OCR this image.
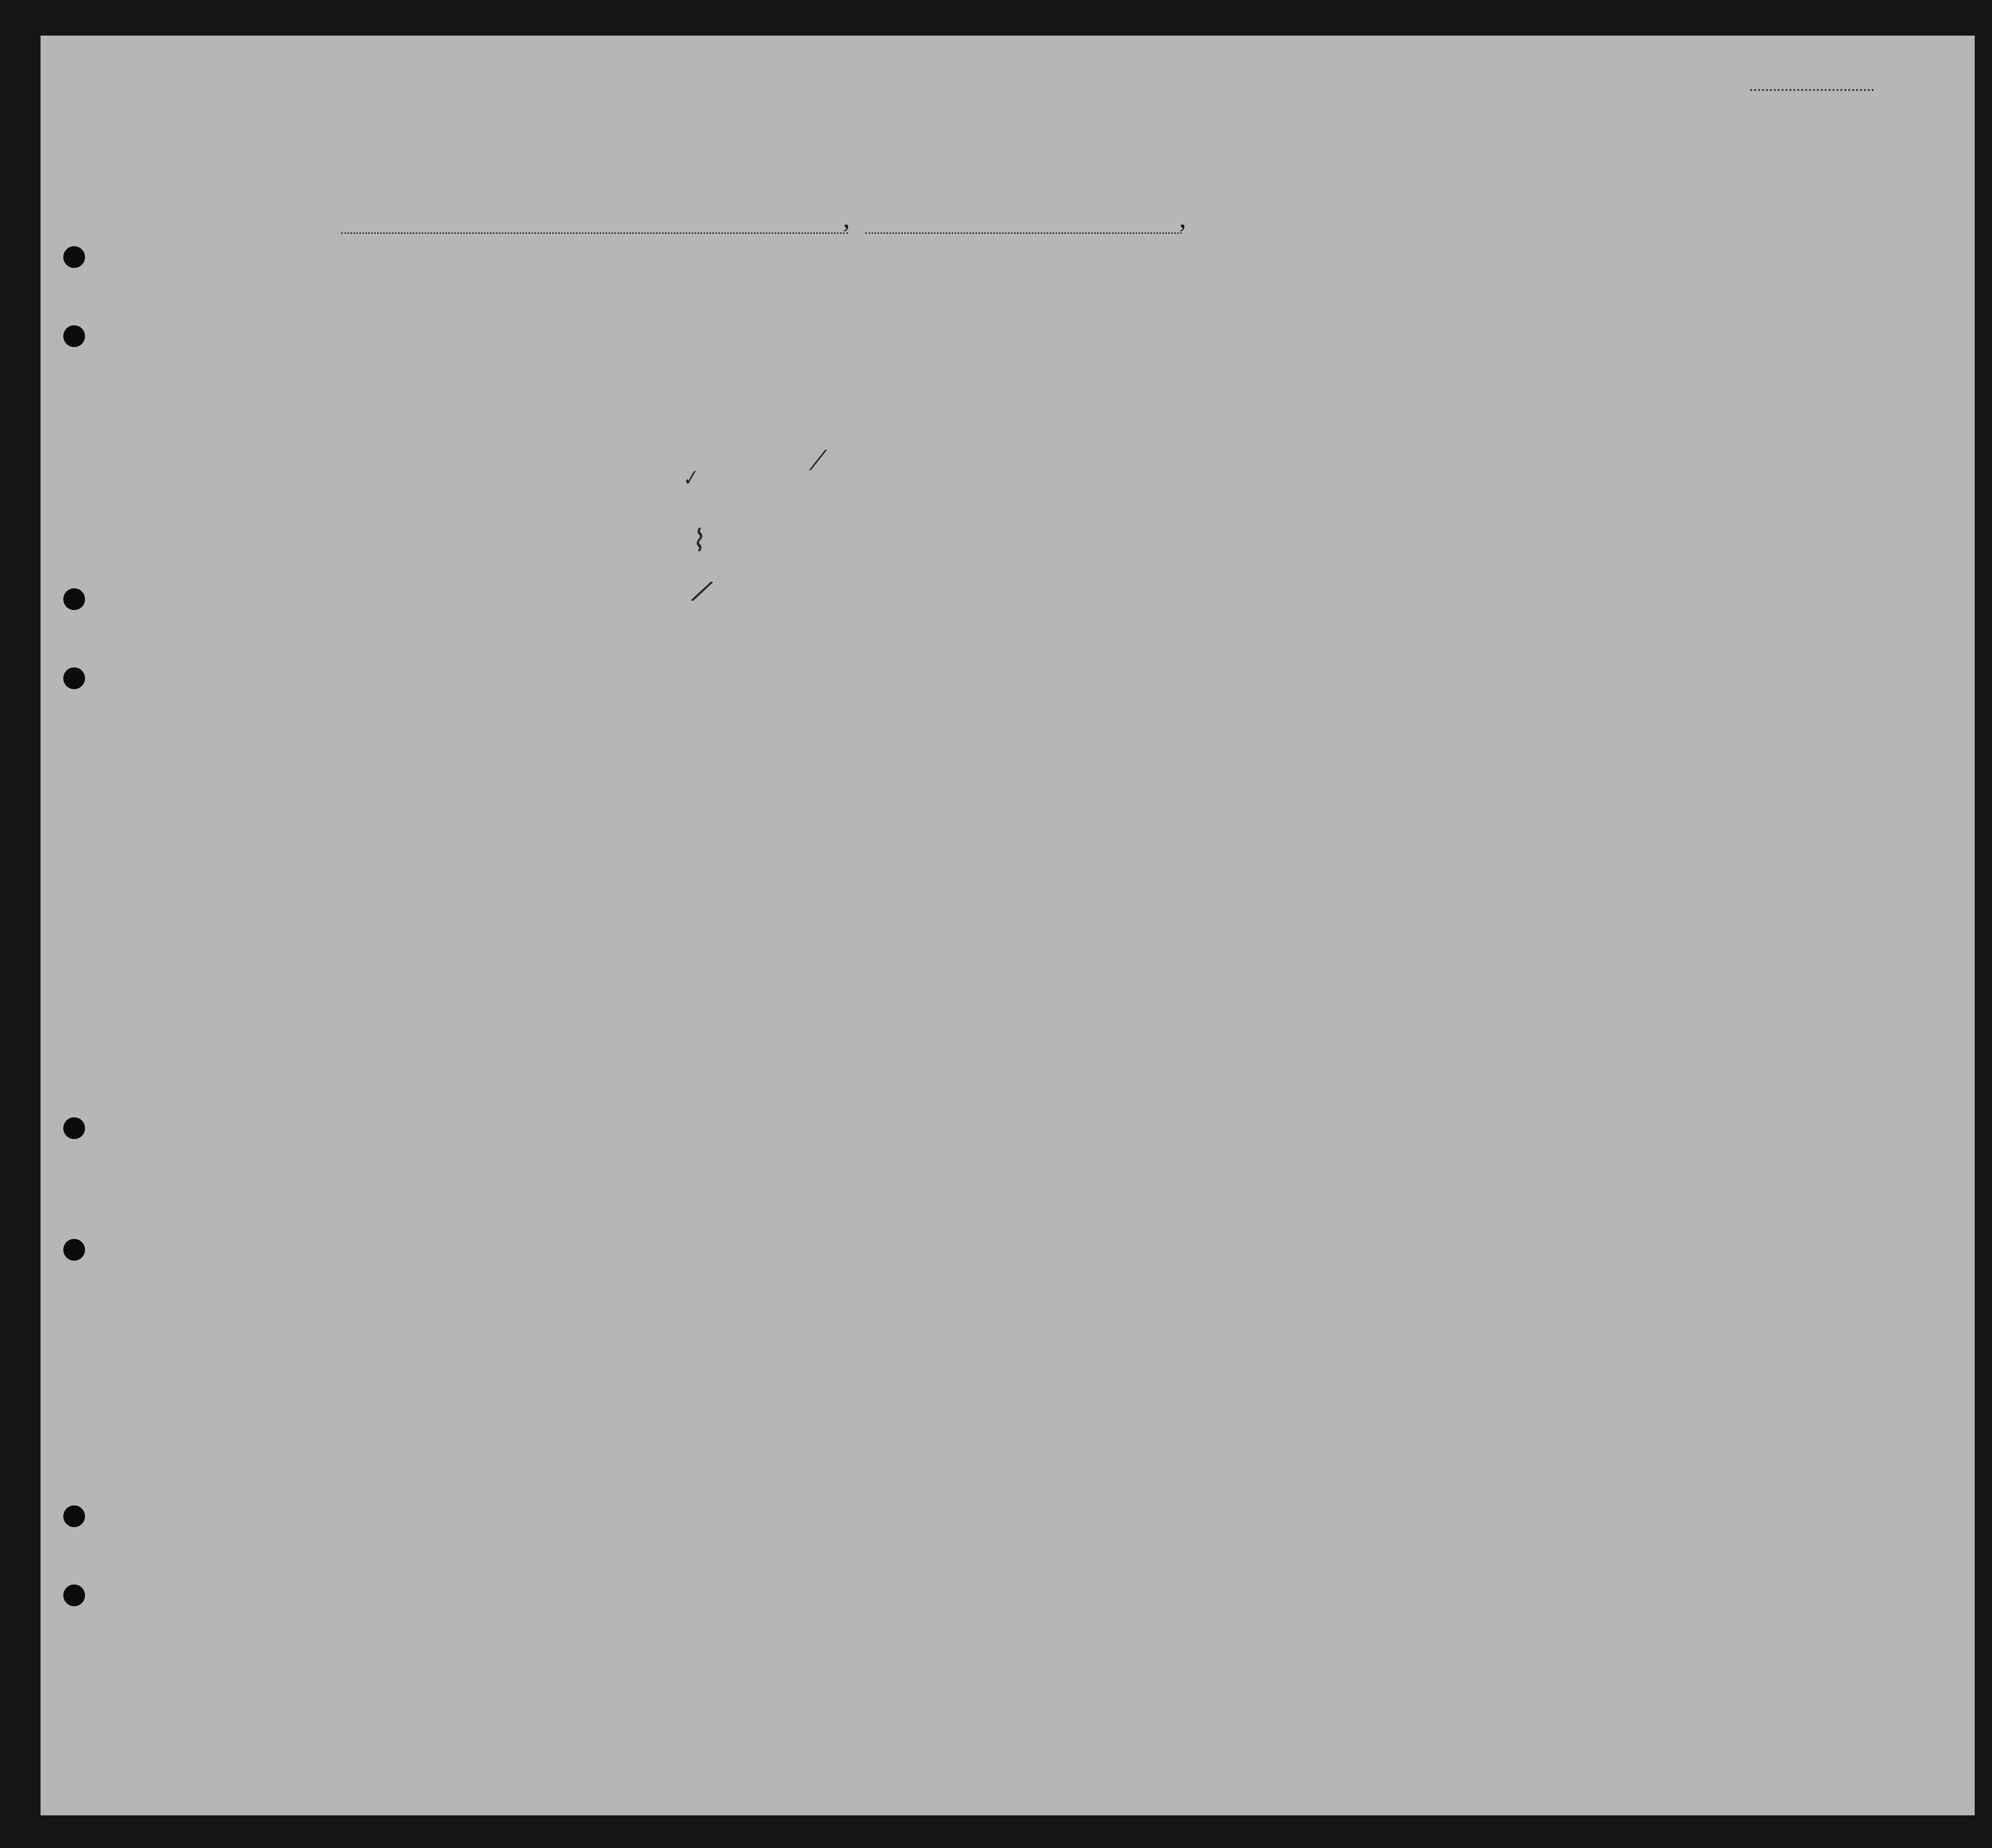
,	,
✓
⁄
⌇
/
